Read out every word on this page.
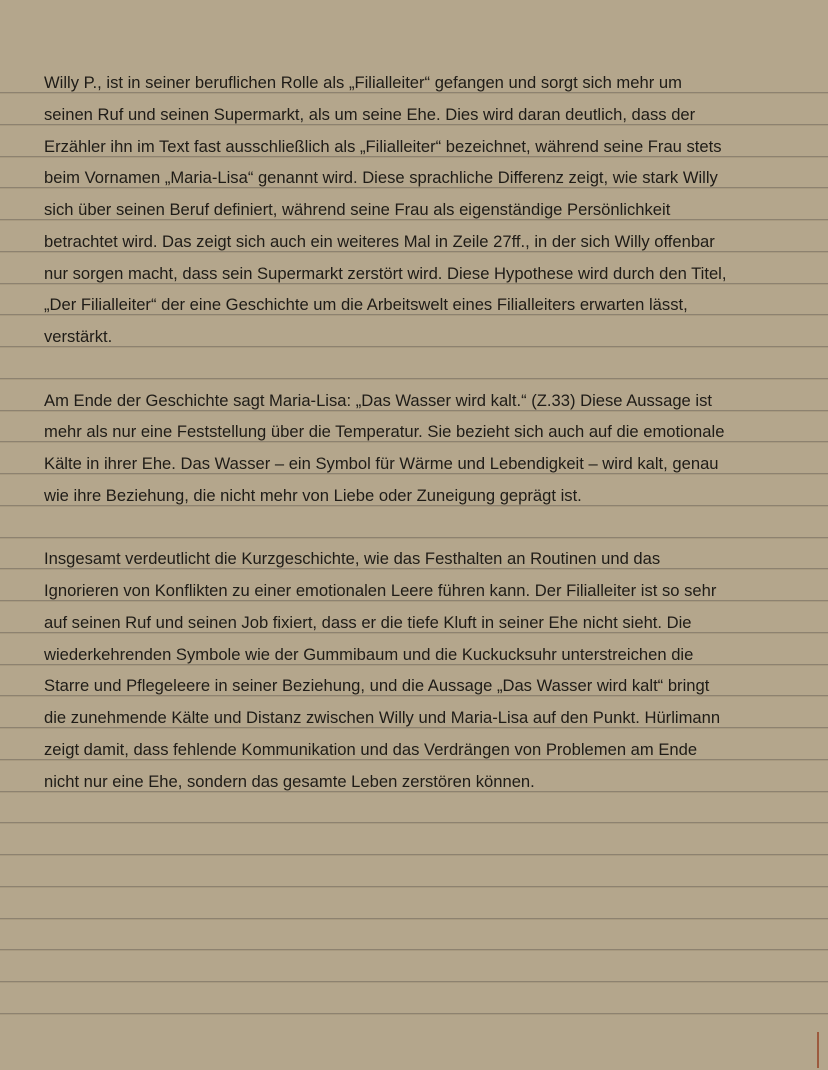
Willy P., ist in seiner beruflichen Rolle als „Filialleiter“ gefangen und sorgt sich mehr um
seinen Ruf und seinen Supermarkt, als um seine Ehe. Dies wird daran deutlich, dass der
Erzähler ihn im Text fast ausschließlich als „Filialleiter“ bezeichnet, während seine Frau stets
beim Vornamen „Maria-Lisa“ genannt wird. Diese sprachliche Differenz zeigt, wie stark Willy
sich über seinen Beruf definiert, während seine Frau als eigenständige Persönlichkeit
betrachtet wird. Das zeigt sich auch ein weiteres Mal in Zeile 27ff., in der sich Willy offenbar
nur sorgen macht, dass sein Supermarkt zerstört wird. Diese Hypothese wird durch den Titel,
„Der Filialleiter“ der eine Geschichte um die Arbeitswelt eines Filialleiters erwarten lässt,
verstärkt.
Am Ende der Geschichte sagt Maria-Lisa: „Das Wasser wird kalt.“ (Z.33) Diese Aussage ist
mehr als nur eine Feststellung über die Temperatur. Sie bezieht sich auch auf die emotionale
Kälte in ihrer Ehe. Das Wasser – ein Symbol für Wärme und Lebendigkeit – wird kalt, genau
wie ihre Beziehung, die nicht mehr von Liebe oder Zuneigung geprägt ist.
Insgesamt verdeutlicht die Kurzgeschichte, wie das Festhalten an Routinen und das
Ignorieren von Konflikten zu einer emotionalen Leere führen kann. Der Filialleiter ist so sehr
auf seinen Ruf und seinen Job fixiert, dass er die tiefe Kluft in seiner Ehe nicht sieht. Die
wiederkehrenden Symbole wie der Gummibaum und die Kuckucksuhr unterstreichen die
Starre und Pflegeleere in seiner Beziehung, und die Aussage „Das Wasser wird kalt“ bringt
die zunehmende Kälte und Distanz zwischen Willy und Maria-Lisa auf den Punkt. Hürlimann
zeigt damit, dass fehlende Kommunikation und das Verdrängen von Problemen am Ende
nicht nur eine Ehe, sondern das gesamte Leben zerstören können.
